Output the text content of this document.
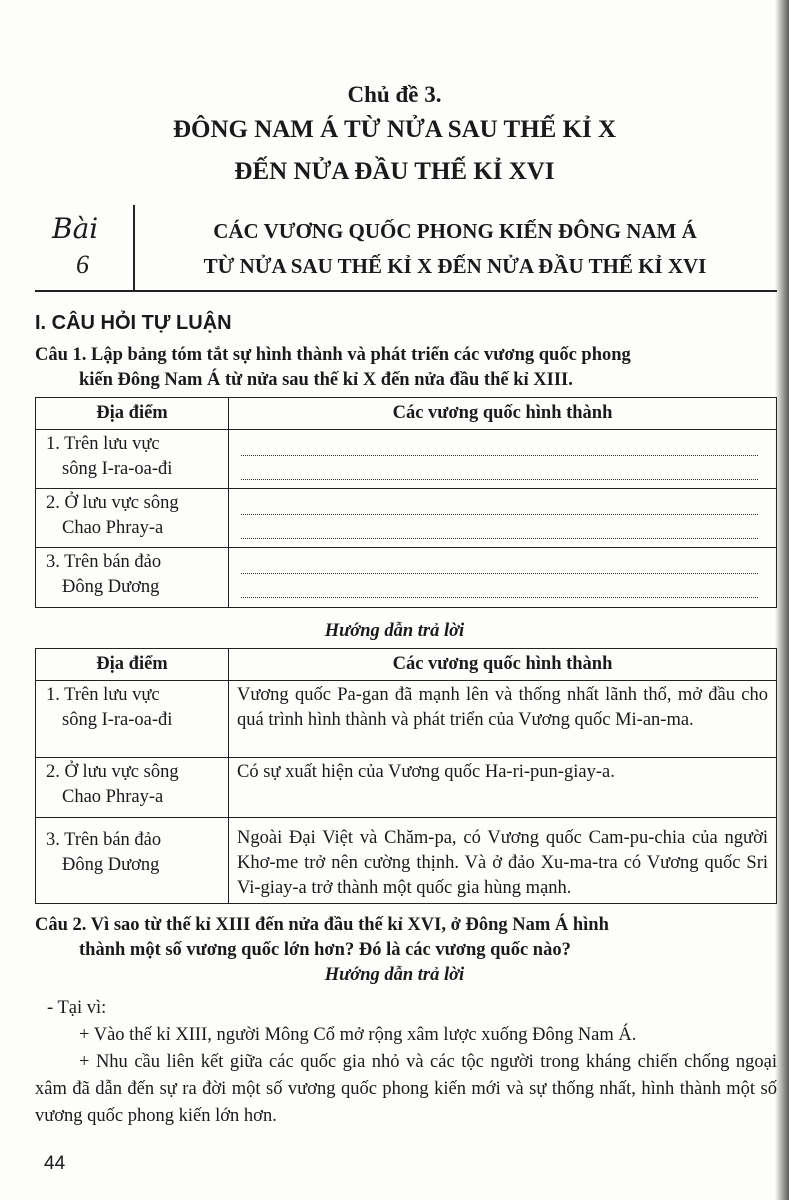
Chủ đề 3.
ĐÔNG NAM Á TỪ NỬA SAU THẾ KỈ X
ĐẾN NỬA ĐẦU THẾ KỈ XVI
Bài
6
CÁC VƯƠNG QUỐC PHONG KIẾN ĐÔNG NAM Á
TỪ NỬA SAU THẾ KỈ X ĐẾN NỬA ĐẦU THẾ KỈ XVI
I. CÂU HỎI TỰ LUẬN
Câu 1. Lập bảng tóm tắt sự hình thành và phát triển các vương quốc phong
kiến Đông Nam Á từ nửa sau thế kỉ X đến nửa đầu thế kỉ XIII.
Địa điểm	Các vương quốc hình thành

1. Trên lưu vực
sông I-ra-oa-đi	

2. Ở lưu vực sông
Chao Phray-a	

3. Trên bán đảo
Đông Dương	

Hướng dẫn trả lời
Địa điểm	Các vương quốc hình thành

1. Trên lưu vực
sông I-ra-oa-đi	Vương quốc Pa-gan đã mạnh lên và thống nhất lãnh thổ, mở đầu cho quá trình hình thành và phát triển của Vương quốc Mi-an-ma.

2. Ở lưu vực sông
Chao Phray-a	Có sự xuất hiện của Vương quốc Ha-ri-pun-giay-a.

3. Trên bán đảo
Đông Dương	Ngoài Đại Việt và Chăm-pa, có Vương quốc Cam-pu-chia của người Khơ-me trở nên cường thịnh. Và ở đảo Xu-ma-tra có Vương quốc Sri Vi-giay-a trở thành một quốc gia hùng mạnh.
Câu 2. Vì sao từ thế kỉ XIII đến nửa đầu thế kỉ XVI, ở Đông Nam Á hình
thành một số vương quốc lớn hơn? Đó là các vương quốc nào?
Hướng dẫn trả lời
- Tại vì:
+ Vào thế kỉ XIII, người Mông Cổ mở rộng xâm lược xuống Đông Nam Á.
+ Nhu cầu liên kết giữa các quốc gia nhỏ và các tộc người trong kháng chiến chống ngoại xâm đã dẫn đến sự ra đời một số vương quốc phong kiến mới và sự thống nhất, hình thành một số vương quốc phong kiến lớn hơn.
44
